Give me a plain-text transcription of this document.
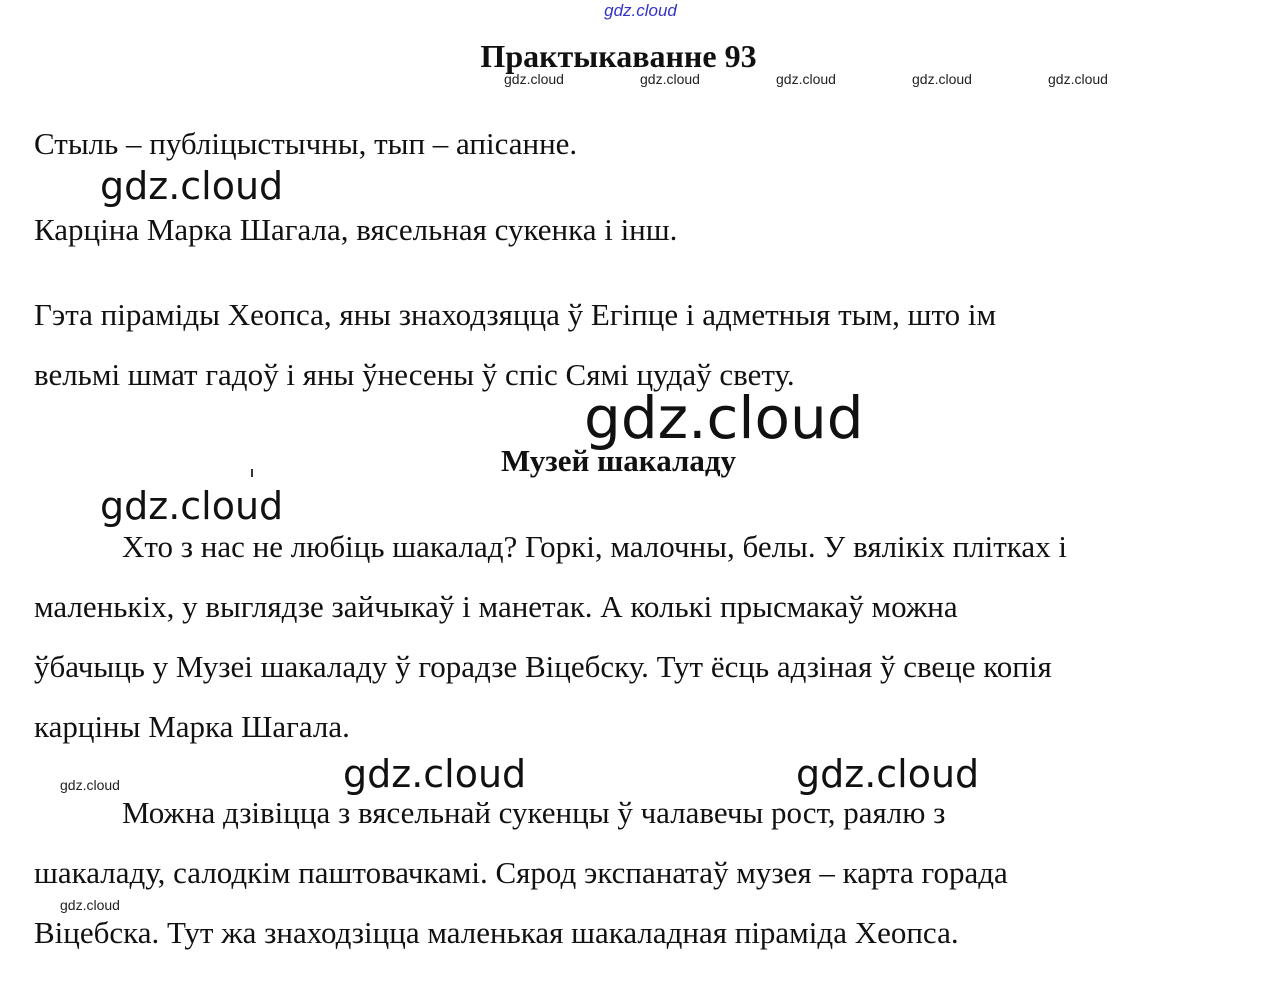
gdz.cloud
Практыкаванне 93
gdz.cloud	gdz.cloud	gdz.cloud	gdz.cloud	gdz.cloud

Стыль – публіцыстычны, тып – апісанне.

gdz.cloud

Карціна Марка Шагала, вясельная сукенка і інш.

Гэта піраміды Хеопса, яны знаходзяцца ў Егіпце і адметныя тым, што ім

вельмі шмат гадоў і яны ўнесены ў спіс Сямі цудаў свету.

gdz.cloud
Музей шакаладу
gdz.cloud

Хто з нас не любіць шакалад? Горкі, малочны, белы. У вялікіх плітках і

маленькіх, у выглядзе зайчыкаў і манетак. А колькі прысмакаў можна

ўбачыць у Музеі шакаладу ў горадзе Віцебску. Тут ёсць адзіная ў свеце копія

карціны Марка Шагала.

gdz.cloud	gdz.cloud	gdz.cloud

Можна дзівіцца з вясельнай сукенцы ў чалавечы рост, раялю з

шакаладу, салодкім паштовачкамі. Сярод экспанатаў музея – карта горада

gdz.cloud

Віцебска. Тут жа знаходзіцца маленькая шакаладная піраміда Хеопса.
